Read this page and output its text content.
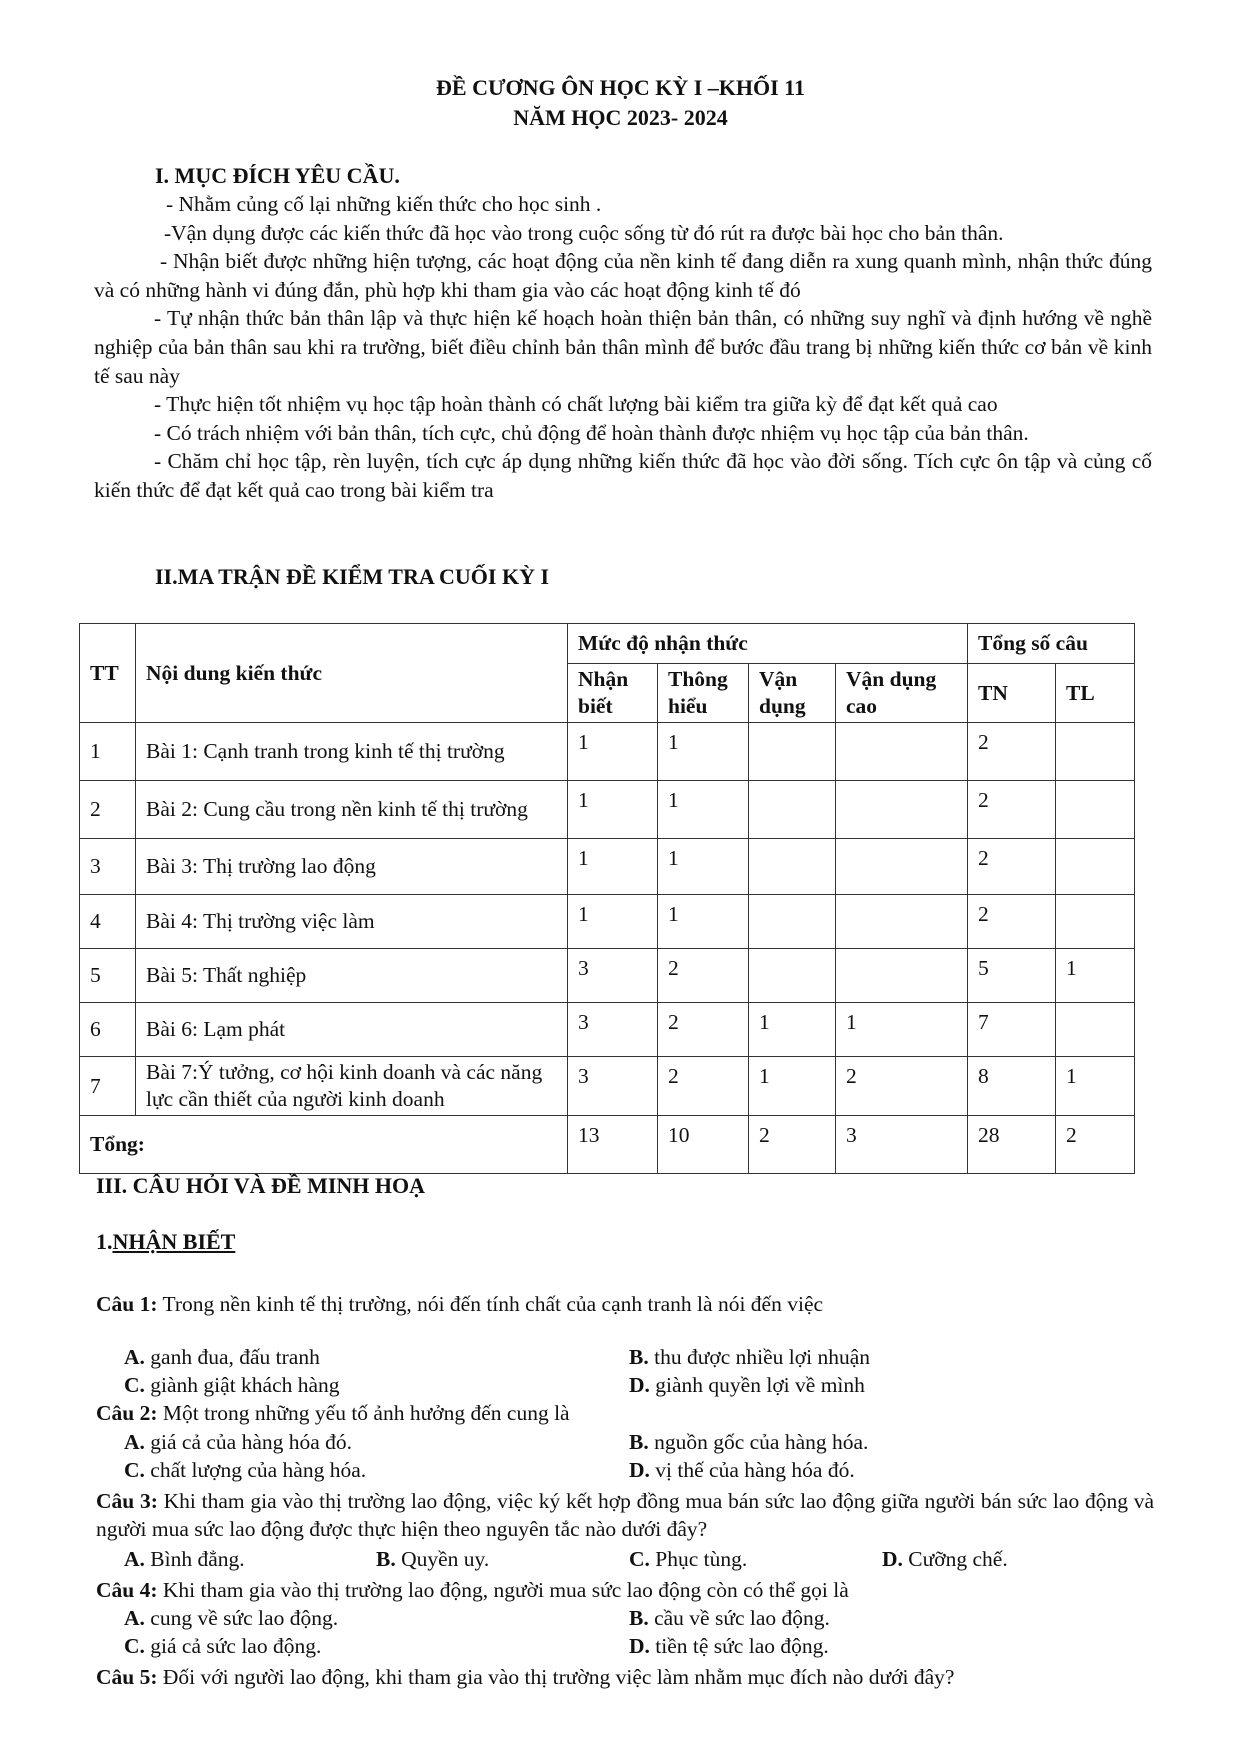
ĐỀ CƯƠNG ÔN HỌC KỲ I –KHỐI 11
NĂM HỌC 2023- 2024
I. MỤC ĐÍCH YÊU CẦU.
- Nhằm củng cố lại những kiến thức cho học sinh .
-Vận dụng được các kiến thức đã học vào trong cuộc sống từ đó rút ra được bài học cho bản thân.
- Nhận biết được những hiện tượng, các hoạt động của nền kinh tế đang diễn ra xung quanh mình, nhận thức đúng và có những hành vi đúng đắn, phù hợp khi tham gia vào các hoạt động kinh tế đó
- Tự nhận thức bản thân lập và thực hiện kế hoạch hoàn thiện bản thân, có những suy nghĩ và định hướng về nghề nghiệp của bản thân sau khi ra trường, biết điều chỉnh bản thân mình để bước đầu trang bị những kiến thức cơ bản về kinh tế sau này
- Thực hiện tốt nhiệm vụ học tập hoàn thành có chất lượng bài kiểm tra giữa kỳ để đạt kết quả cao
- Có trách nhiệm với bản thân, tích cực, chủ động để hoàn thành được nhiệm vụ học tập của bản thân.
- Chăm chỉ học tập, rèn luyện, tích cực áp dụng những kiến thức đã học vào đời sống. Tích cực ôn tập và củng cố kiến thức để đạt kết quả cao trong bài kiểm tra
II.MA TRẬN ĐỀ KIỂM TRA CUỐI KỲ I
TT	Nội dung kiến thức	Mức độ nhận thức				Tổng số câu	
		Nhận biết	Thông hiểu	Vận dụng	Vận dụng cao	TN	TL
1	Bài 1: Cạnh tranh trong kinh tế thị trường	1	1			2	
2	Bài 2: Cung cầu trong nền kinh tế thị trường	1	1			2	
3	Bài 3: Thị trường lao động	1	1			2	
4	Bài 4: Thị trường việc làm	1	1			2	
5	Bài 5: Thất nghiệp	3	2			5	1
6	Bài 6: Lạm phát	3	2	1	1	7	
7	Bài 7:Ý tưởng, cơ hội kinh doanh và các năng lực cần thiết của người kinh doanh	3	2	1	2	8	1
Tổng:		13	10	2	3	28	2
III. CÂU HỎI VÀ ĐỀ MINH HOẠ
1.NHẬN BIẾT
Câu 1: Trong nền kinh tế thị trường, nói đến tính chất của cạnh tranh là nói đến việc
A. ganh đua, đấu tranh	B. thu được nhiều lợi nhuận
C. giành giật khách hàng	D. giành quyền lợi về mình
Câu 2: Một trong những yếu tố ảnh hưởng đến cung là
A. giá cả của hàng hóa đó.	B. nguồn gốc của hàng hóa.
C. chất lượng của hàng hóa.	D. vị thế của hàng hóa đó.
Câu 3: Khi tham gia vào thị trường lao động, việc ký kết hợp đồng mua bán sức lao động giữa người bán sức lao động và người mua sức lao động được thực hiện theo nguyên tắc nào dưới đây?
A. Bình đẳng.	B. Quyền uy.	C. Phục tùng.	D. Cưỡng chế.
Câu 4: Khi tham gia vào thị trường lao động, người mua sức lao động còn có thể gọi là
A. cung về sức lao động.	B. cầu về sức lao động.
C. giá cả sức lao động.	D. tiền tệ sức lao động.
Câu 5: Đối với người lao động, khi tham gia vào thị trường việc làm nhằm mục đích nào dưới đây?
